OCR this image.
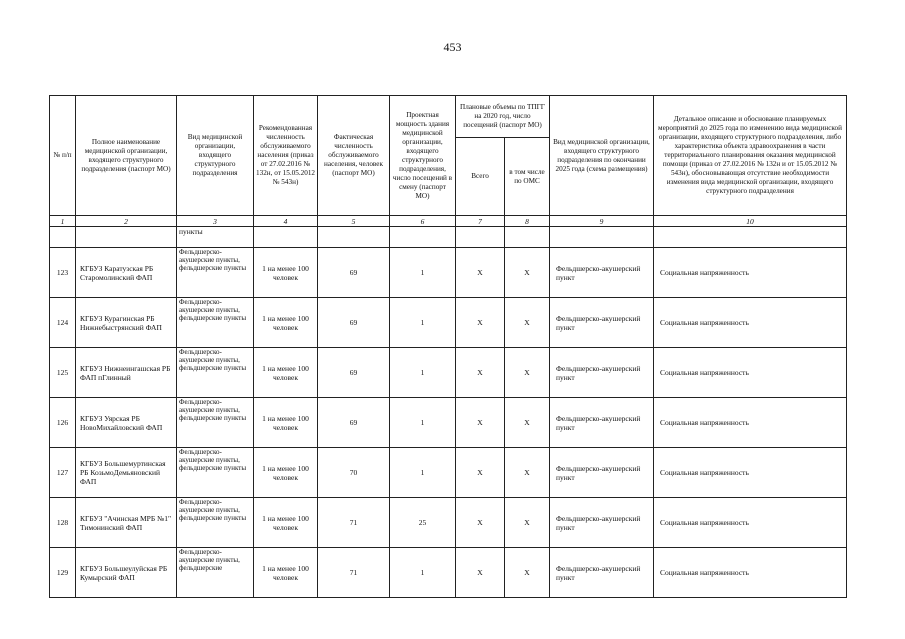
453
№ п/п	Полное наименование медицинской организации, входящего структурного подразделения (паспорт МО)	Вид медицинской организации, входящего структурного подразделения	Рекомендованная численность обслуживаемого населения (приказ от 27.02.2016 № 132н, от 15.05.2012 № 543н)	Фактическая численность обслуживаемого населения, человек (паспорт МО)	Проектная мощность здания медицинской организации, входящего структурного подразделения, число посещений в смену (паспорт МО)	Плановые объемы по ТПГГ на 2020 год, число посещений (паспорт МО)		Вид медицинской организации, входящего структурного подразделения по окончании 2025 года (схема размещения)	Детальное описание и обоснование планируемых мероприятий до 2025 года по изменению вида медицинской организации, входящего структурного подразделения, либо характеристика объекта здравоохранения в части территориального планирования оказания медицинской помощи (приказ от 27.02.2016 № 132н и от 15.05.2012 № 543н), обосновывающая отсутствие необходимости изменения вида медицинской организации, входящего структурного подразделения
						Всего	в том числе по ОМС		
1	2	3	4	5	6	7	8	9	10
		пункты							
123	КГБУЗ Каратузская РБ Старомолинский ФАП	Фельдшерско-акушерские пункты, фельдшерские пункты	1 на менее 100 человек	69	1	X	X	Фельдшерско-акушерский пункт	Социальная напряженность
124	КГБУЗ Курагинская РБ Нижнебыстрянский ФАП	Фельдшерско-акушерские пункты, фельдшерские пункты	1 на менее 100 человек	69	1	X	X	Фельдшерско-акушерский пункт	Социальная напряженность
125	КГБУЗ Нижнеингашская РБ ФАП пГлинный	Фельдшерско-акушерские пункты, фельдшерские пункты	1 на менее 100 человек	69	1	X	X	Фельдшерско-акушерский пункт	Социальная напряженность
126	КГБУЗ Уярская РБ НовоМихайловский ФАП	Фельдшерско-акушерские пункты, фельдшерские пункты	1 на менее 100 человек	69	1	X	X	Фельдшерско-акушерский пункт	Социальная напряженность
127	КГБУЗ Большемуртинская РБ КозьмоДемьяновский ФАП	Фельдшерско-акушерские пункты, фельдшерские пункты	1 на менее 100 человек	70	1	X	X	Фельдшерско-акушерский пункт	Социальная напряженность
128	КГБУЗ "Ачинская МРБ №1" Тимонинский ФАП	Фельдшерско-акушерские пункты, фельдшерские пункты	1 на менее 100 человек	71	25	X	X	Фельдшерско-акушерский пункт	Социальная напряженность
129	КГБУЗ Большеулуйская РБ Кумырский ФАП	Фельдшерско-акушерские пункты, фельдшерские	1 на менее 100 человек	71	1	X	X	Фельдшерско-акушерский пункт	Социальная напряженность
